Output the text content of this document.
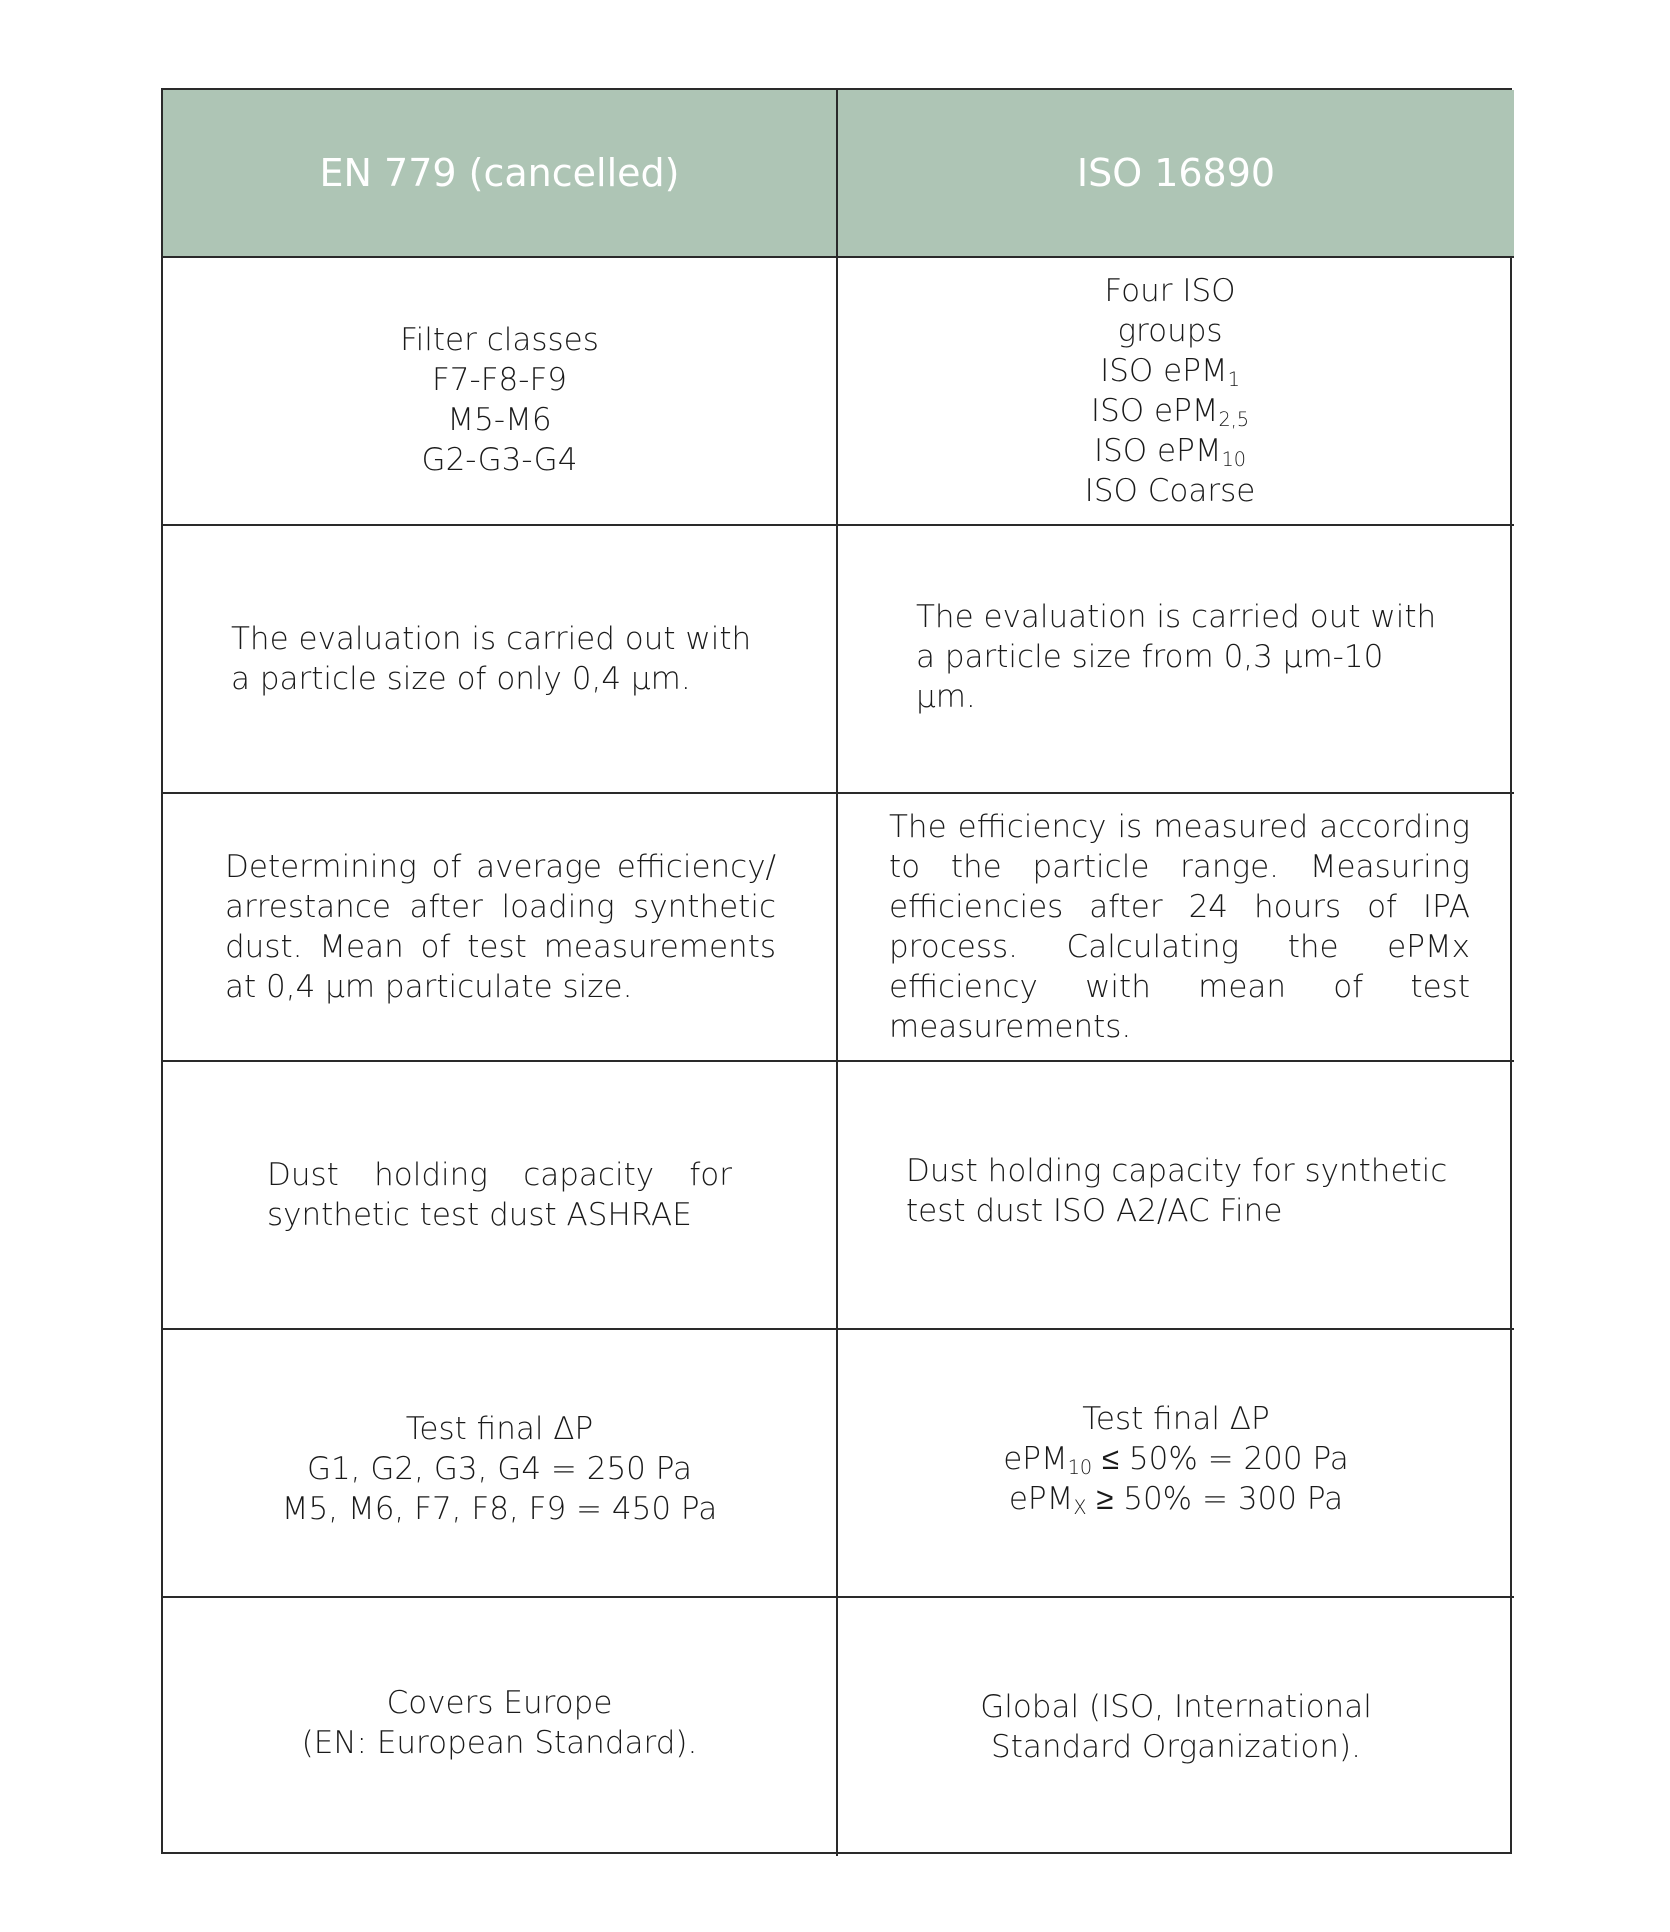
EN 779 (cancelled)	ISO 16890
Filter classes
F7-F8-F9
M5-M6
G2-G3-G4
Four ISO
groups
ISO ePM$_1$
ISO ePM$_{2,5}$
ISO ePM$_{10}$
ISO Coarse
The evaluation is carried out with a particle size of only 0,4 µm.
The evaluation is carried out with a particle size from 0,3 µm-10 µm.
Determining of average efficiency/ arrestance after loading synthetic dust. Mean of test measurements at 0,4 µm particulate size.
The efficiency is measured according to the particle range. Measuring efficiencies after 24 hours of IPA process. Calculating the ePMx efficiency with mean of test measurements.
Dust holding capacity for synthetic test dust ASHRAE
Dust holding capacity for synthetic test dust ISO A2/AC Fine
Test final ΔP
G1, G2, G3, G4 = 250 Pa
M5, M6, F7, F8, F9 = 450 Pa
Test final ΔP
ePM$_{10}$ ≤ 50% = 200 Pa
ePM$_X$ ≥ 50% = 300 Pa
Covers Europe
(EN: European Standard).
Global (ISO, International
Standard Organization).
